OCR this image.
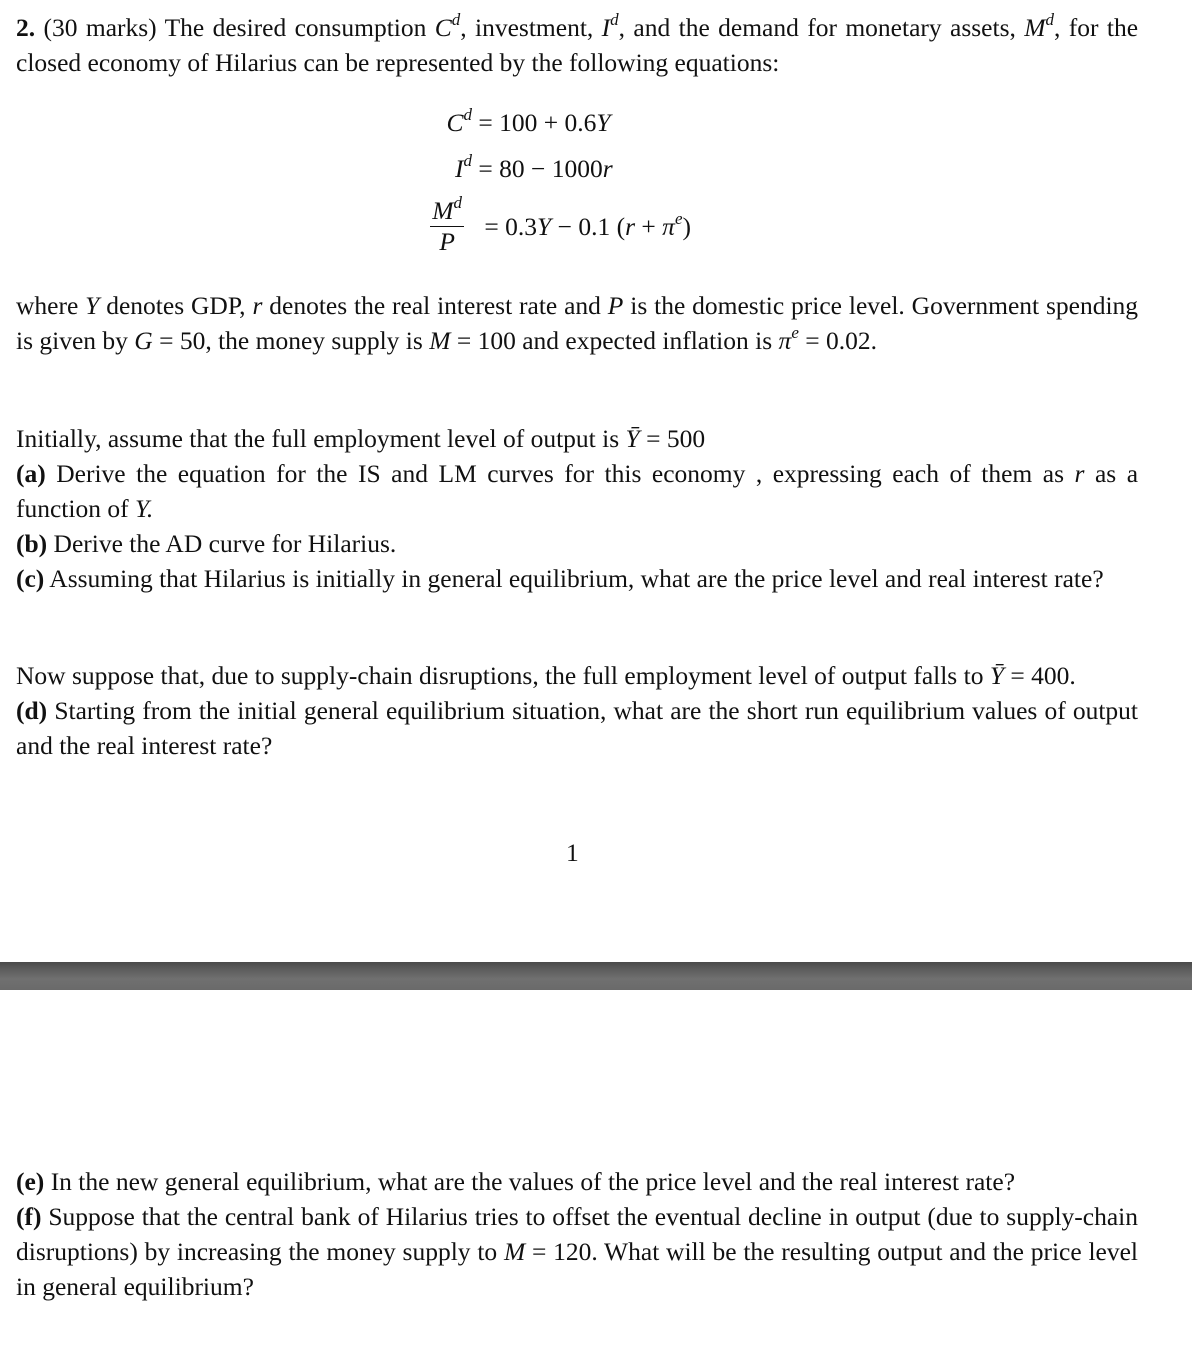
2. (30 marks) The desired consumption $C^d$, investment, $I^d$, and the demand for monetary assets, $M^d$, for the closed economy of Hilarius can be represented by the following equations:
$C^d = 100 + 0.6Y$
$I^d = 80 - 1000r$
$\frac{M^d}{P} = 0.3Y - 0.1$ $(r + \pi^e)$
where Y denotes GDP, r denotes the real interest rate and P is the domestic price level. Government spending is given by G = 50, the money supply is M = 100 and expected inflation is $\pi^e = 0.02$.
Initially, assume that the full employment level of output is Ȳ = 500
(a) Derive the equation for the IS and LM curves for this economy , expressing each of them as r as a function of Y.
(b) Derive the AD curve for Hilarius.
(c) Assuming that Hilarius is initially in general equilibrium, what are the price level and real interest rate?
Now suppose that, due to supply-chain disruptions, the full employment level of output falls to Ȳ = 400.
(d) Starting from the initial general equilibrium situation, what are the short run equilibrium values of output and the real interest rate?
1
(e) In the new general equilibrium, what are the values of the price level and the real interest rate?
(f) Suppose that the central bank of Hilarius tries to offset the eventual decline in output (due to supply-chain disruptions) by increasing the money supply to M = 120. What will be the resulting output and the price level in general equilibrium?
